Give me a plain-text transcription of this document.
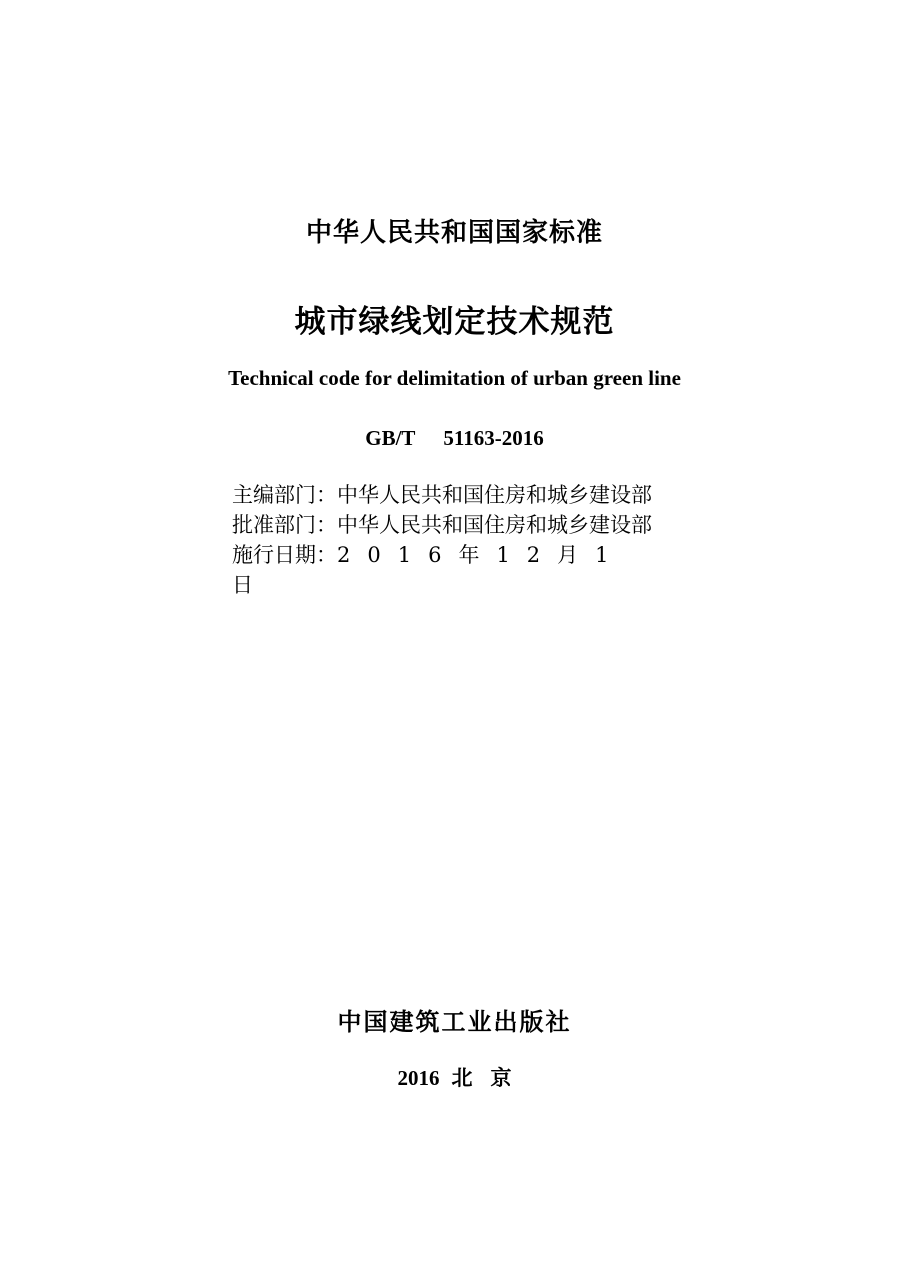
中华人民共和国国家标准
城市绿线划定技术规范
Technical code for delimitation of urban green line
GB/T 51163-2016
主编部门：中华人民共和国住房和城乡建设部
批准部门：中华人民共和国住房和城乡建设部
施行日期：2016年12月1
日
中国建筑工业出版社
2016 北 京
